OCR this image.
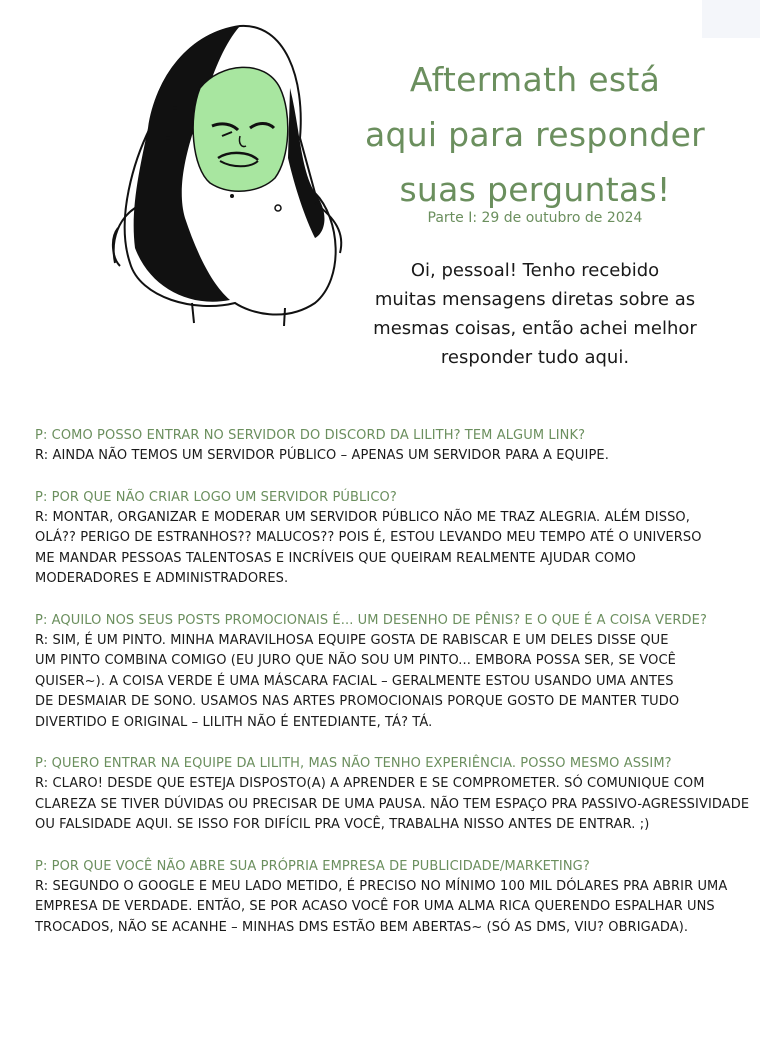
Aftermath está
aqui para responder
suas perguntas!
Parte I: 29 de outubro de 2024
Oi, pessoal! Tenho recebido
muitas mensagens diretas sobre as
mesmas coisas, então achei melhor
responder tudo aqui.
P: COMO POSSO ENTRAR NO SERVIDOR DO DISCORD DA LILITH? TEM ALGUM LINK?
R: AINDA NÃO TEMOS UM SERVIDOR PÚBLICO – APENAS UM SERVIDOR PARA A EQUIPE.
P: POR QUE NÃO CRIAR LOGO UM SERVIDOR PÚBLICO?
R: MONTAR, ORGANIZAR E MODERAR UM SERVIDOR PÚBLICO NÃO ME TRAZ ALEGRIA. ALÉM DISSO,
OLÁ?? PERIGO DE ESTRANHOS?? MALUCOS?? POIS É, ESTOU LEVANDO MEU TEMPO ATÉ O UNIVERSO
ME MANDAR PESSOAS TALENTOSAS E INCRÍVEIS QUE QUEIRAM REALMENTE AJUDAR COMO
MODERADORES E ADMINISTRADORES.
P: AQUILO NOS SEUS POSTS PROMOCIONAIS É... UM DESENHO DE PÊNIS? E O QUE É A COISA VERDE?
R: SIM, É UM PINTO. MINHA MARAVILHOSA EQUIPE GOSTA DE RABISCAR E UM DELES DISSE QUE
UM PINTO COMBINA COMIGO (EU JURO QUE NÃO SOU UM PINTO... EMBORA POSSA SER, SE VOCÊ
QUISER~). A COISA VERDE É UMA MÁSCARA FACIAL – GERALMENTE ESTOU USANDO UMA ANTES
DE DESMAIAR DE SONO. USAMOS NAS ARTES PROMOCIONAIS PORQUE GOSTO DE MANTER TUDO
DIVERTIDO E ORIGINAL – LILITH NÃO É ENTEDIANTE, TÁ? TÁ.
P: QUERO ENTRAR NA EQUIPE DA LILITH, MAS NÃO TENHO EXPERIÊNCIA. POSSO MESMO ASSIM?
R: CLARO! DESDE QUE ESTEJA DISPOSTO(A) A APRENDER E SE COMPROMETER. SÓ COMUNIQUE COM
CLAREZA SE TIVER DÚVIDAS OU PRECISAR DE UMA PAUSA. NÃO TEM ESPAÇO PRA PASSIVO-AGRESSIVIDADE
OU FALSIDADE AQUI. SE ISSO FOR DIFÍCIL PRA VOCÊ, TRABALHA NISSO ANTES DE ENTRAR. ;)
P: POR QUE VOCÊ NÃO ABRE SUA PRÓPRIA EMPRESA DE PUBLICIDADE/MARKETING?
R: SEGUNDO O GOOGLE E MEU LADO METIDO, É PRECISO NO MÍNIMO 100 MIL DÓLARES PRA ABRIR UMA
EMPRESA DE VERDADE. ENTÃO, SE POR ACASO VOCÊ FOR UMA ALMA RICA QUERENDO ESPALHAR UNS
TROCADOS, NÃO SE ACANHE – MINHAS DMS ESTÃO BEM ABERTAS~ (SÓ AS DMS, VIU? OBRIGADA).
